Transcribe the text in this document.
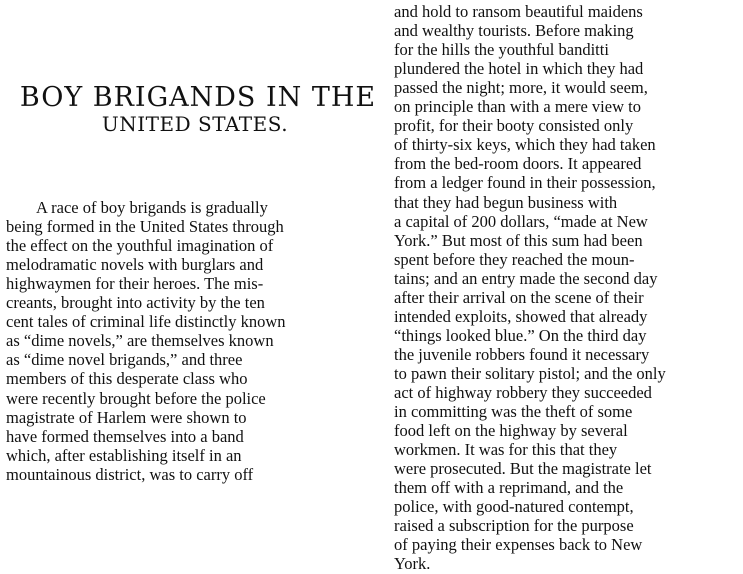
BOY BRIGANDS IN THE
UNITED STATES.
A race of boy brigands is gradually
being formed in the United States through
the effect on the youthful imagination of
melodramatic novels with burglars and
highwaymen for their heroes. The mis-
creants, brought into activity by the ten
cent tales of criminal life distinctly known
as “dime novels,” are themselves known
as “dime novel brigands,” and three
members of this desperate class who
were recently brought before the police
magistrate of Harlem were shown to
have formed themselves into a band
which, after establishing itself in an
mountainous district, was to carry off
and hold to ransom beautiful maidens
and wealthy tourists. Before making
for the hills the youthful banditti
plundered the hotel in which they had
passed the night; more, it would seem,
on principle than with a mere view to
profit, for their booty consisted only
of thirty-six keys, which they had taken
from the bed-room doors. It appeared
from a ledger found in their possession,
that they had begun business with
a capital of 200 dollars, “made at New
York.” But most of this sum had been
spent before they reached the moun-
tains; and an entry made the second day
after their arrival on the scene of their
intended exploits, showed that already
“things looked blue.” On the third day
the juvenile robbers found it necessary
to pawn their solitary pistol; and the only
act of highway robbery they succeeded
in committing was the theft of some
food left on the highway by several
workmen. It was for this that they
were prosecuted. But the magistrate let
them off with a reprimand, and the
police, with good-natured contempt,
raised a subscription for the purpose
of paying their expenses back to New
York.
